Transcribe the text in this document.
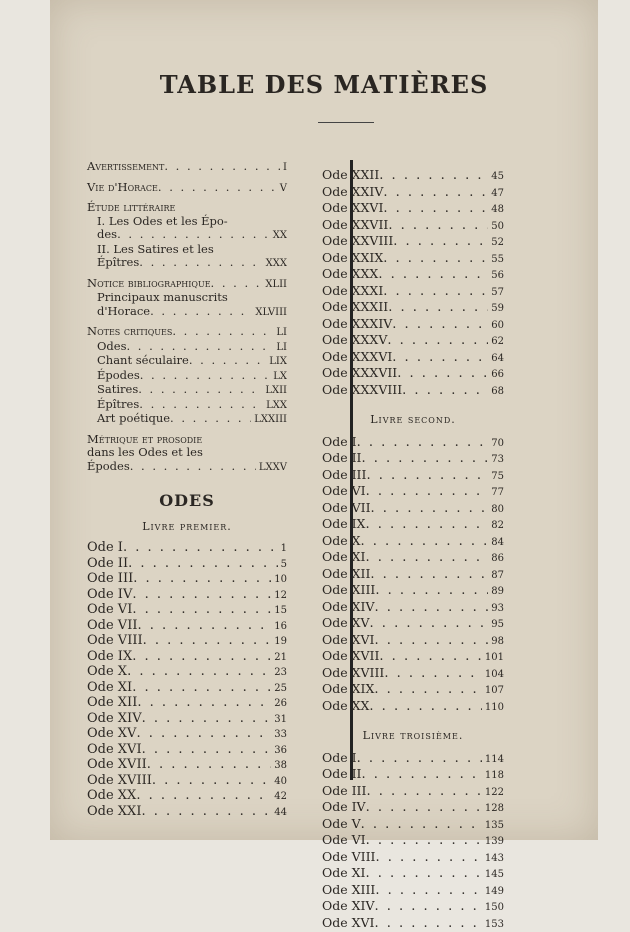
TABLE DES MATIÈRES
Avertissement . . .	I
Vie d'Horace . . .	V
Étude littéraire
I. Les Odes et les Épo-
des . . .	XX
II. Les Satires et les
Épîtres . . .	XXX
Notice bibliographique . . .	XLII
Principaux manuscrits
d'Horace . . .	XLVIII
Notes critiques . . .	LI
Odes . . .	LI
Chant séculaire . . .	LIX
Épodes . . .	LX
Satires . . .	LXII
Épîtres . . .	LXX
Art poétique . . .	LXXIII
Métrique et prosodie
dans les Odes et les
Épodes . . .	LXXV
ODES
Livre premier.
Ode I . . .	1
Ode II . . .	5
Ode III . . .	10
Ode IV . . .	12
Ode VI . . .	15
Ode VII . . .	16
Ode VIII . . .	19
Ode IX . . .	21
Ode X . . .	23
Ode XI . . .	25
Ode XII . . .	26
Ode XIV . . .	31
Ode XV . . .	33
Ode XVI . . .	36
Ode XVII . . .	38
Ode XVIII . . .	40
Ode XX . . .	42
Ode XXI . . .	44
Ode XXII . . .	45
Ode XXIV . . .	47
Ode XXVI . . .	48
Ode XXVII . . .	50
Ode XXVIII . . .	52
Ode XXIX . . .	55
Ode XXX . . .	56
Ode XXXI . . .	57
Ode XXXII . . .	59
Ode XXXIV . . .	60
Ode XXXV . . .	62
Ode XXXVI . . .	64
Ode XXXVII . . .	66
Ode XXXVIII . . .	68
Livre second.
Ode I . . .	70
Ode II . . .	73
Ode III . . .	75
Ode VI . . .	77
Ode VII . . .	80
Ode IX . . .	82
Ode X . . .	84
Ode XI . . .	86
Ode XII . . .	87
Ode XIII . . .	89
Ode XIV . . .	93
Ode XV . . .	95
Ode XVI . . .	98
Ode XVII . . .	101
Ode XVIII . . .	104
Ode XIX . . .	107
Ode XX . . .	110
Livre troisième.
Ode I . . .	114
Ode II . . .	118
Ode III . . .	122
Ode IV . . .	128
Ode V . . .	135
Ode VI . . .	139
Ode VIII . . .	143
Ode XI . . .	145
Ode XIII . . .	149
Ode XIV . . .	150
Ode XVI . . .	153
